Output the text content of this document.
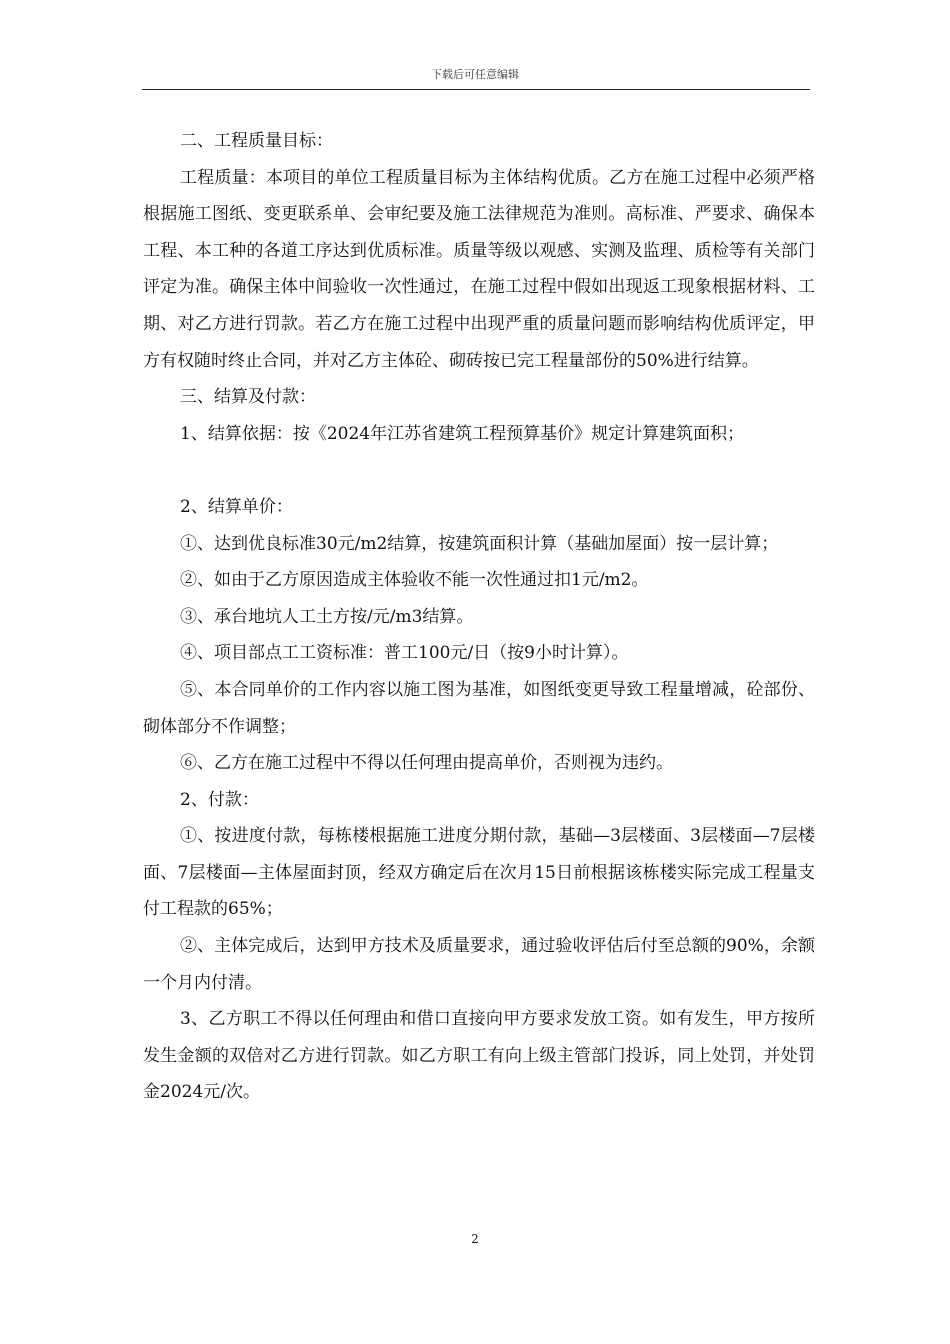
下载后可任意编辑

二、工程质量目标：

工程质量：本项目的单位工程质量目标为主体结构优质。乙方在施工过程中必须严格根据施工图纸、变更联系单、会审纪要及施工法律规范为准则。高标准、严要求、确保本工程、本工种的各道工序达到优质标准。质量等级以观感、实测及监理、质检等有关部门评定为准。确保主体中间验收一次性通过，在施工过程中假如出现返工现象根据材料、工期、对乙方进行罚款。若乙方在施工过程中出现严重的质量问题而影响结构优质评定，甲方有权随时终止合同，并对乙方主体砼、砌砖按已完工程量部份的50%进行结算。

三、结算及付款：

1、结算依据：按《2024年江苏省建筑工程预算基价》规定计算建筑面积；

2、结算单价：

①、达到优良标准30元/m2结算，按建筑面积计算（基础加屋面）按一层计算；

②、如由于乙方原因造成主体验收不能一次性通过扣1元/m2。

③、承台地坑人工土方按/元/m3结算。

④、项目部点工工资标准：普工100元/日（按9小时计算）。

⑤、本合同单价的工作内容以施工图为基准，如图纸变更导致工程量增减，砼部份、砌体部分不作调整；

⑥、乙方在施工过程中不得以任何理由提高单价，否则视为违约。

2、付款：

①、按进度付款，每栋楼根据施工进度分期付款，基础—3层楼面、3层楼面—7层楼面、7层楼面—主体屋面封顶，经双方确定后在次月15日前根据该栋楼实际完成工程量支付工程款的65%；

②、主体完成后，达到甲方技术及质量要求，通过验收评估后付至总额的90%，余额一个月内付清。

3、乙方职工不得以任何理由和借口直接向甲方要求发放工资。如有发生，甲方按所发生金额的双倍对乙方进行罚款。如乙方职工有向上级主管部门投诉，同上处罚，并处罚金2024元/次。

2
